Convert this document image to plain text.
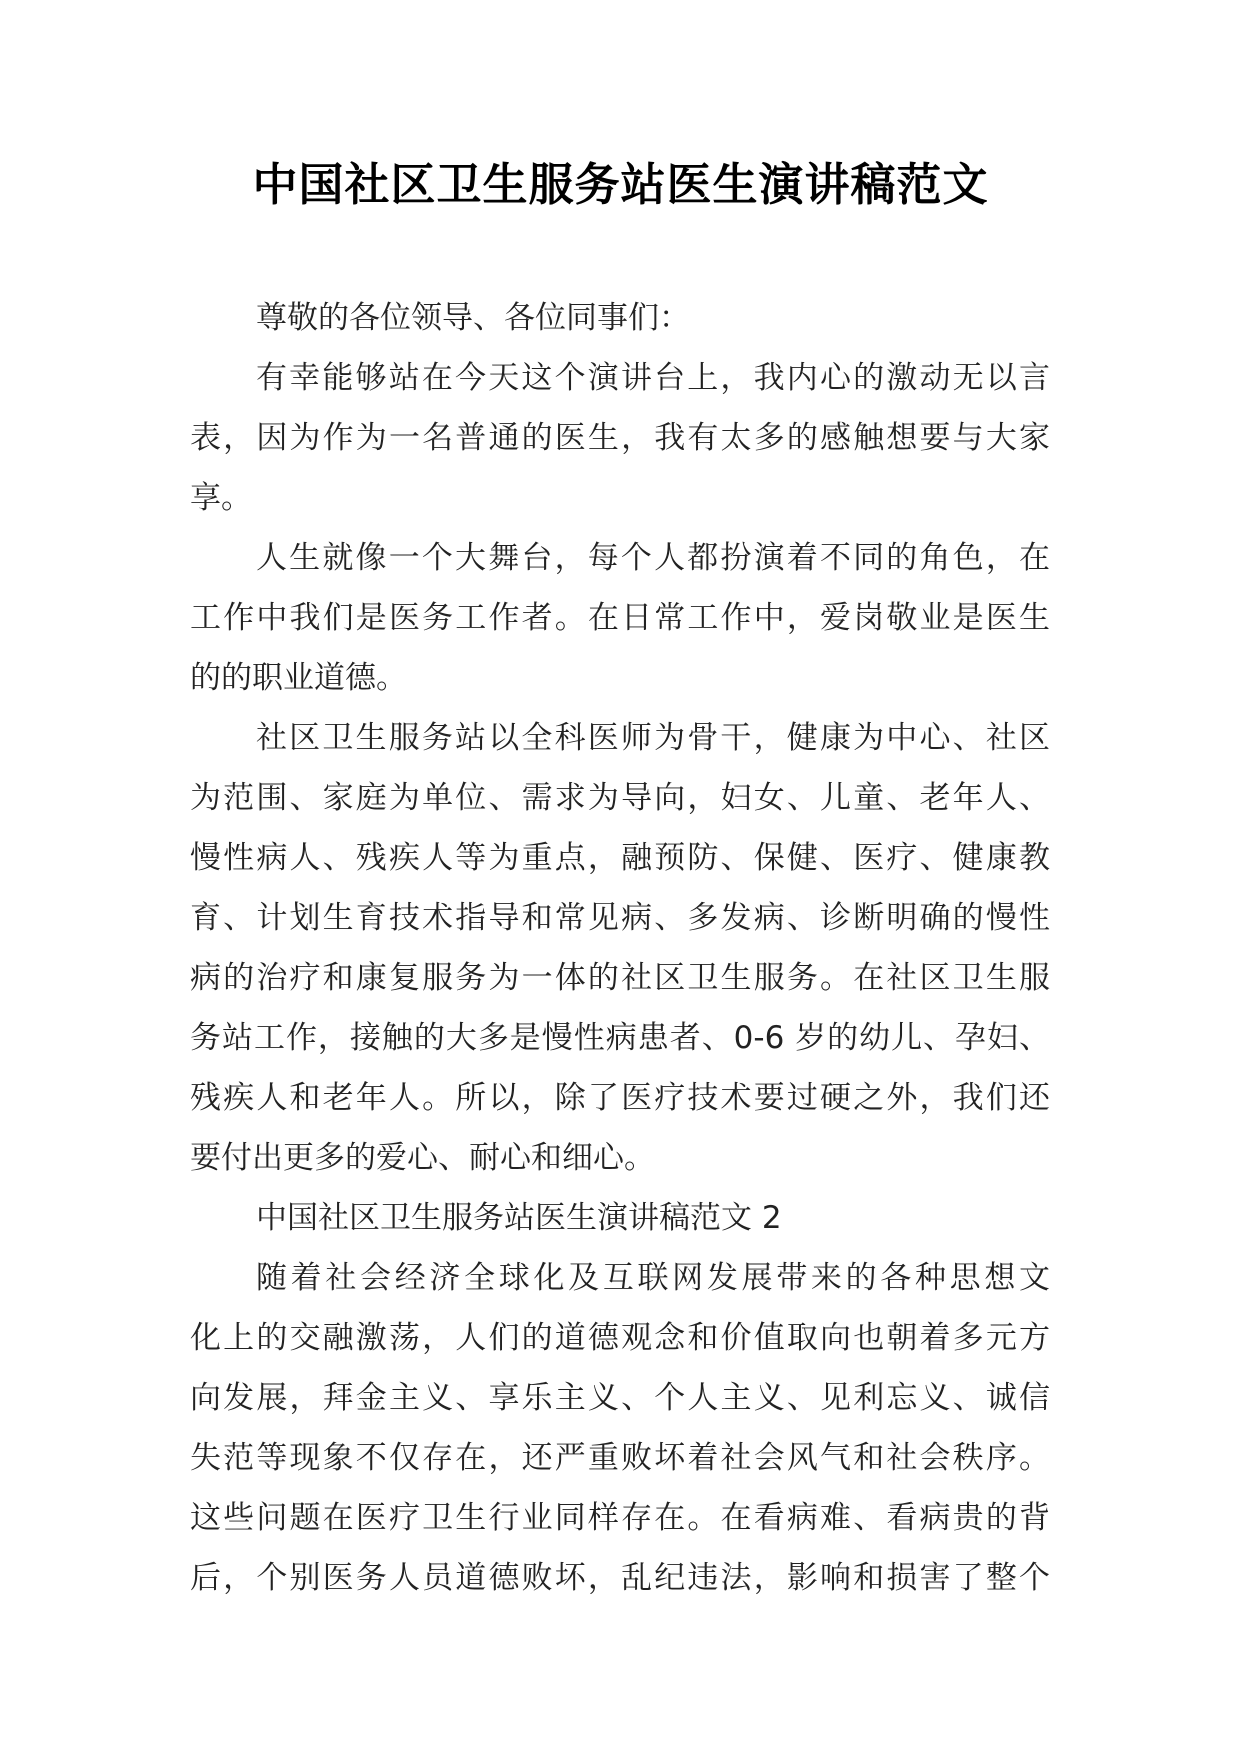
中国社区卫生服务站医生演讲稿范文
尊敬的各位领导、各位同事们：
有幸能够站在今天这个演讲台上，我内心的激动无以言
表，因为作为一名普通的医生，我有太多的感触想要与大家
享。
人生就像一个大舞台，每个人都扮演着不同的角色，在
工作中我们是医务工作者。在日常工作中，爱岗敬业是医生
的的职业道德。
社区卫生服务站以全科医师为骨干，健康为中心、社区
为范围、家庭为单位、需求为导向，妇女、儿童、老年人、
慢性病人、残疾人等为重点，融预防、保健、医疗、健康教
育、计划生育技术指导和常见病、多发病、诊断明确的慢性
病的治疗和康复服务为一体的社区卫生服务。在社区卫生服
务站工作，接触的大多是慢性病患者、0-6 岁的幼儿、孕妇、
残疾人和老年人。所以，除了医疗技术要过硬之外，我们还
要付出更多的爱心、耐心和细心。
中国社区卫生服务站医生演讲稿范文 2
随着社会经济全球化及互联网发展带来的各种思想文
化上的交融激荡，人们的道德观念和价值取向也朝着多元方
向发展，拜金主义、享乐主义、个人主义、见利忘义、诚信
失范等现象不仅存在，还严重败坏着社会风气和社会秩序。
这些问题在医疗卫生行业同样存在。在看病难、看病贵的背
后，个别医务人员道德败坏，乱纪违法，影响和损害了整个
